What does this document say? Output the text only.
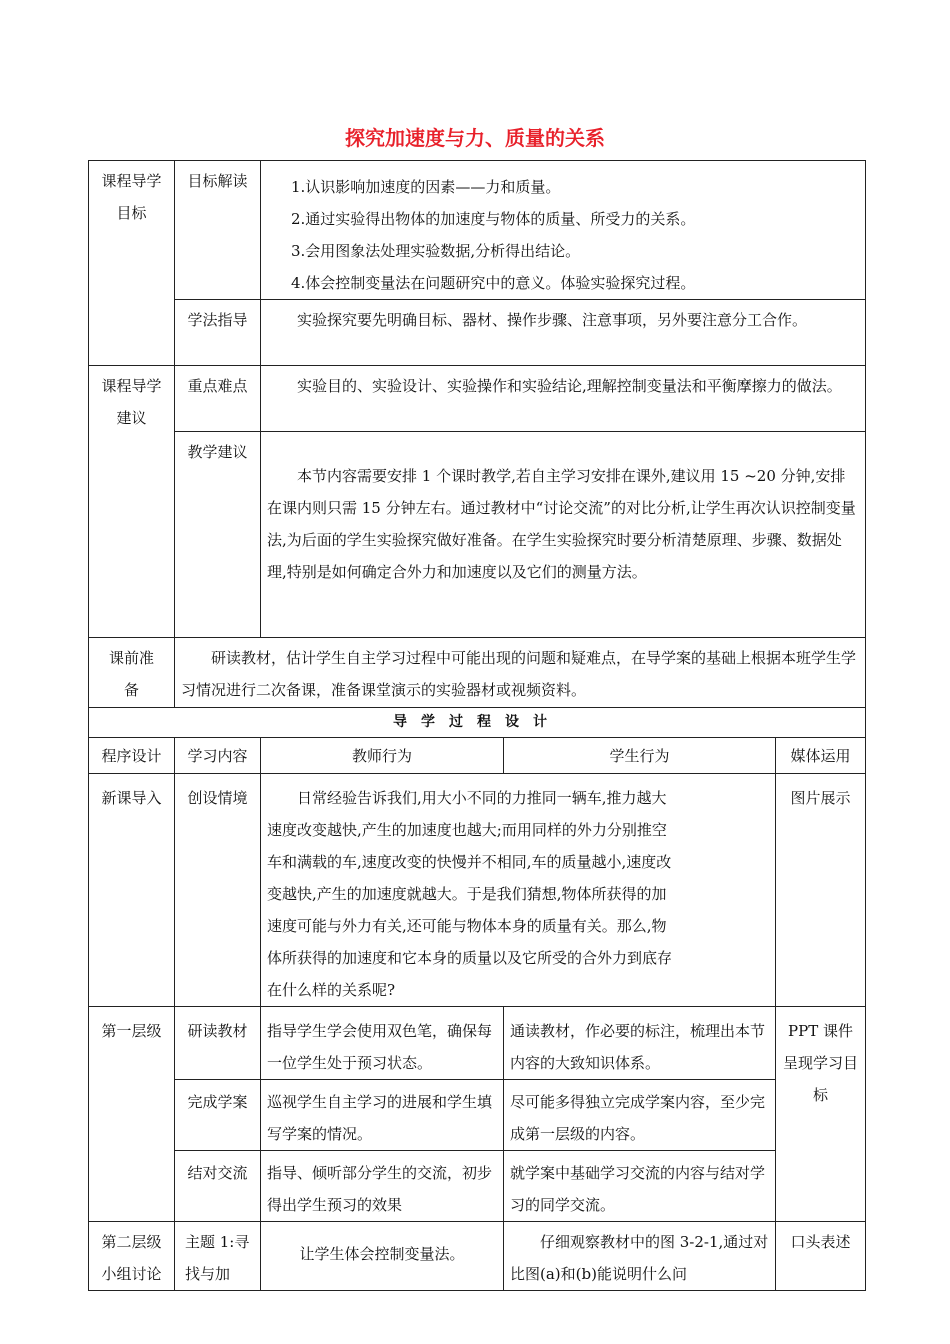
探究加速度与力、质量的关系
课程导学目标	目标解读	1.认识影响加速度的因素——力和质量。
2.通过实验得出物体的加速度与物体的质量、所受力的关系。
3.会用图象法处理实验数据,分析得出结论。
4.体会控制变量法在问题研究中的意义。体验实验探究过程。		

	学法指导	实验探究要先明确目标、器材、操作步骤、注意事项，另外要注意分工合作。		
课程导学建议	重点难点	实验目的、实验设计、实验操作和实验结论,理解控制变量法和平衡摩擦力的做法。		
	教学建议	本节内容需要安排 1 个课时教学,若自主学习安排在课外,建议用 15 ~20 分钟,安排在课内则只需 15 分钟左右。通过教材中“讨论交流”的对比分析,让学生再次认识控制变量法,为后面的学生实验探究做好准备。在学生实验探究时要分析清楚原理、步骤、数据处理,特别是如何确定合外力和加速度以及它们的测量方法。		
课前准备	研读教材，估计学生自主学习过程中可能出现的问题和疑难点，在导学案的基础上根据本班学生学习情况进行二次备课，准备课堂演示的实验器材或视频资料。			
导学过程设计				
程序设计	学习内容	教师行为	学生行为	媒体运用
新课导入	创设情境	日常经验告诉我们,用大小不同的力推同一辆车,推力越大速度改变越快,产生的加速度也越大;而用同样的外力分别推空车和满载的车,速度改变的快慢并不相同,车的质量越小,速度改变越快,产生的加速度就越大。于是我们猜想,物体所获得的加速度可能与外力有关,还可能与物体本身的质量有关。那么,物体所获得的加速度和它本身的质量以及它所受的合外力到底存在什么样的关系呢?		图片展示
第一层级	研读教材	指导学生学会使用双色笔，确保每一位学生处于预习状态。	通读教材，作必要的标注，梳理出本节内容的大致知识体系。	PPT 课件呈现学习目标
	完成学案	巡视学生自主学习的进展和学生填写学案的情况。	尽可能多得独立完成学案内容，至少完成第一层级的内容。	
	结对交流	指导、倾听部分学生的交流，初步得出学生预习的效果	就学案中基础学习交流的内容与结对学习的同学交流。	
第二层级小组讨论	主题 1:寻找与加	让学生体会控制变量法。	仔细观察教材中的图 3-2-1,通过对比图(a)和(b)能说明什么问	口头表述
